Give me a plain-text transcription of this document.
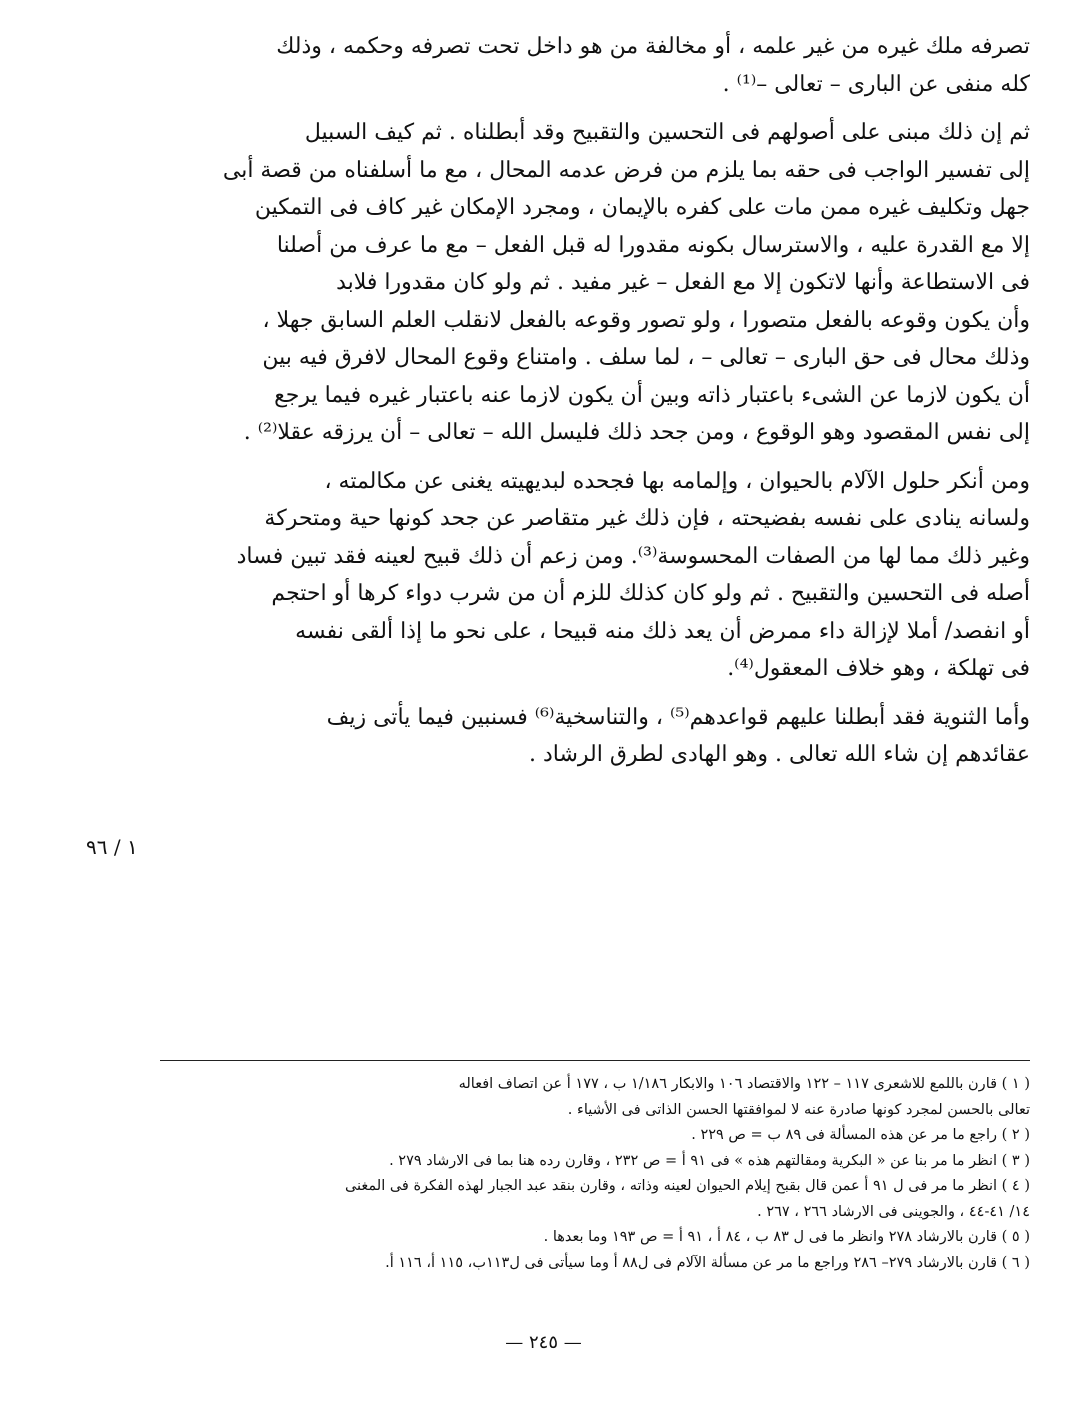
تصرفه ملك غيره من غير علمه ، أو مخالفة من هو داخل تحت تصرفه وحكمه ، وذلك
كله منفى عن البارى – تعالى –⁽¹⁾ .

ثم إن ذلك مبنى على أصولهم فى التحسين والتقبيح وقد أبطلناه . ثم كيف السبيل
إلى تفسير الواجب فى حقه بما يلزم من فرض عدمه المحال ، مع ما أسلفناه من قصة أبى
جهل وتكليف غيره ممن مات على كفره بالإيمان ، ومجرد الإمكان غير كاف فى التمكين
إلا مع القدرة عليه ، والاسترسال بكونه مقدورا له قبل الفعل – مع ما عرف من أصلنا
فى الاستطاعة وأنها لاتكون إلا مع الفعل – غير مفيد . ثم ولو كان مقدورا فلابد
وأن يكون وقوعه بالفعل متصورا ، ولو تصور وقوعه بالفعل لانقلب العلم السابق جهلا ،
وذلك محال فى حق البارى – تعالى – ، لما سلف . وامتناع وقوع المحال لافرق فيه بين
أن يكون لازما عن الشىء باعتبار ذاته وبين أن يكون لازما عنه باعتبار غيره فيما يرجع
إلى نفس المقصود وهو الوقوع ، ومن جحد ذلك فليسل الله – تعالى – أن يرزقه عقلا⁽²⁾ .

ومن أنكر حلول الآلام بالحيوان ، وإلمامه بها فجحده لبديهيته يغنى عن مكالمته ،
ولسانه ينادى على نفسه بفضيحته ، فإن ذلك غير متقاصر عن جحد كونها حية ومتحركة
وغير ذلك مما لها من الصفات المحسوسة⁽³⁾. ومن زعم أن ذلك قبيح لعينه فقد تبين فساد
أصله فى التحسين والتقبيح . ثم ولو كان كذلك للزم أن من شرب دواء كرها أو احتجم
أو انفصد/ أملا لإزالة داء ممرض أن يعد ذلك منه قبيحا ، على نحو ما إذا ألقى نفسه
فى تهلكة ، وهو خلاف المعقول⁽⁴⁾.

وأما الثنوية فقد أبطلنا عليهم قواعدهم⁽⁵⁾ ، والتناسخية⁽⁶⁾ فسنبين فيما يأتى زيف
عقائدهم إن شاء الله تعالى . وهو الهادى لطرق الرشاد .

١ / ٩٦
( ١ ) قارن باللمع للاشعرى ١١٧ – ١٢٢ والاقتصاد ١٠٦ والابكار ١/١٨٦ ب ، ١٧٧ أ عن اتصاف افعاله
تعالى بالحسن لمجرد كونها صادرة عنه لا لموافقتها الحسن الذاتى فى الأشياء .
( ٢ ) راجع ما مر عن هذه المسألة فى ٨٩ ب = ص ٢٢٩ .
( ٣ ) انظر ما مر بنا عن « البكرية ومقالتهم هذه » فى ٩١ أ = ص ٢٣٢ ، وقارن رده هنا بما فى الارشاد ٢٧٩ .
( ٤ ) انظر ما مر فى ل ٩١ أ عمن قال بقبح إيلام الحيوان لعينه وذاته ، وقارن بنقد عبد الجبار لهذه الفكرة فى المغنى
١٤/ ٤١-٤٤ ، والجوينى فى الارشاد ٢٦٦ ، ٢٦٧ .
( ٥ ) قارن بالارشاد ٢٧٨ وانظر ما فى ل ٨٣ ب ، ٨٤ أ ، ٩١ أ = ص ١٩٣ وما بعدها .
( ٦ ) قارن بالارشاد ٢٧٩– ٢٨٦ وراجع ما مر عن مسألة الآلام فى ل٨٨ أ وما سيأتى فى ل١١٣ب، ١١٥ أ، ١١٦ أ.
— ٢٤٥ —
